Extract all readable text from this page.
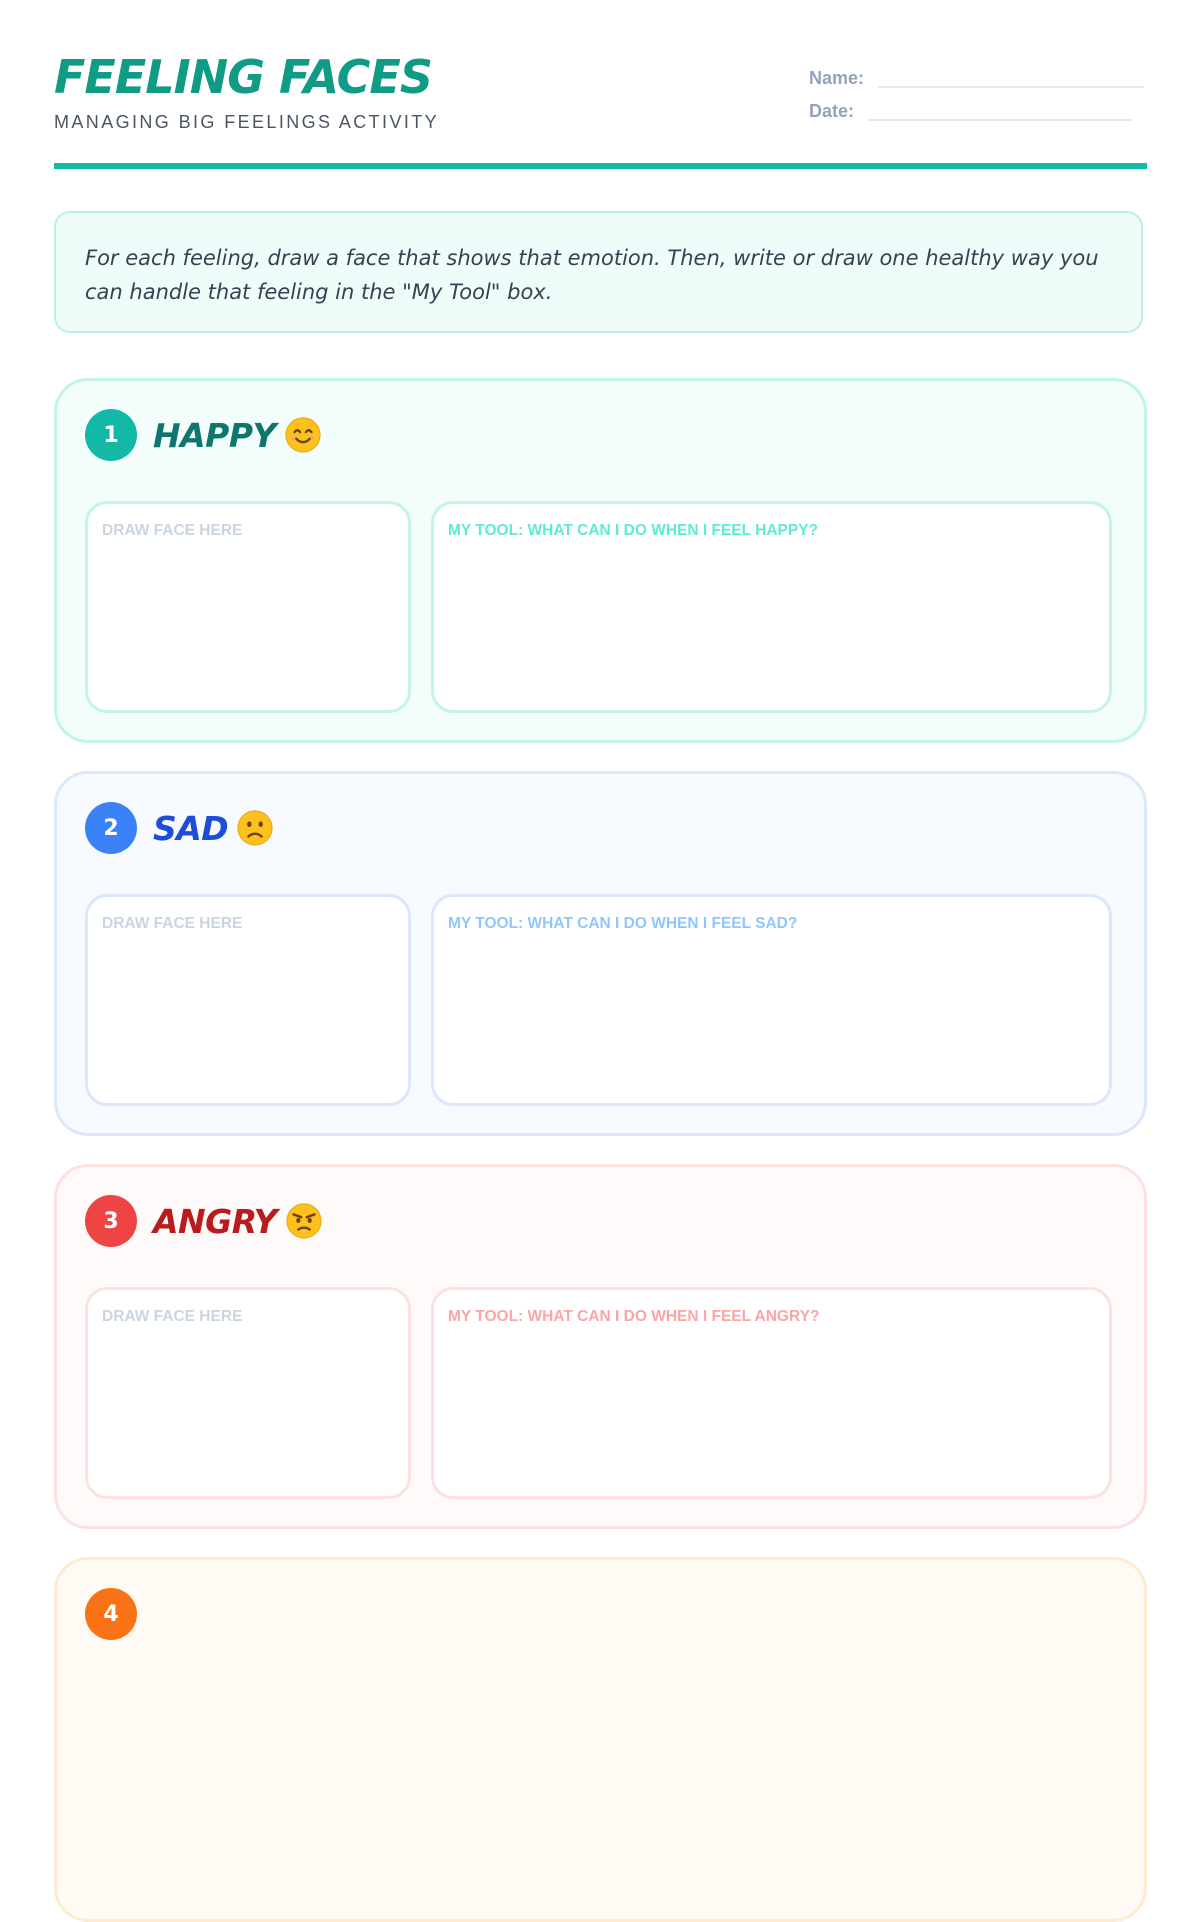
FEELING FACES
MANAGING BIG FEELINGS ACTIVITY
Name:
Date:

For each feeling, draw a face that shows that emotion. Then, write or draw one healthy way you can handle that feeling in the "My Tool" box.

1	HAPPY
DRAW FACE HERE	MY TOOL: WHAT CAN I DO WHEN I FEEL HAPPY?
2	SAD
DRAW FACE HERE	MY TOOL: WHAT CAN I DO WHEN I FEEL SAD?
3	ANGRY
DRAW FACE HERE	MY TOOL: WHAT CAN I DO WHEN I FEEL ANGRY?
4
